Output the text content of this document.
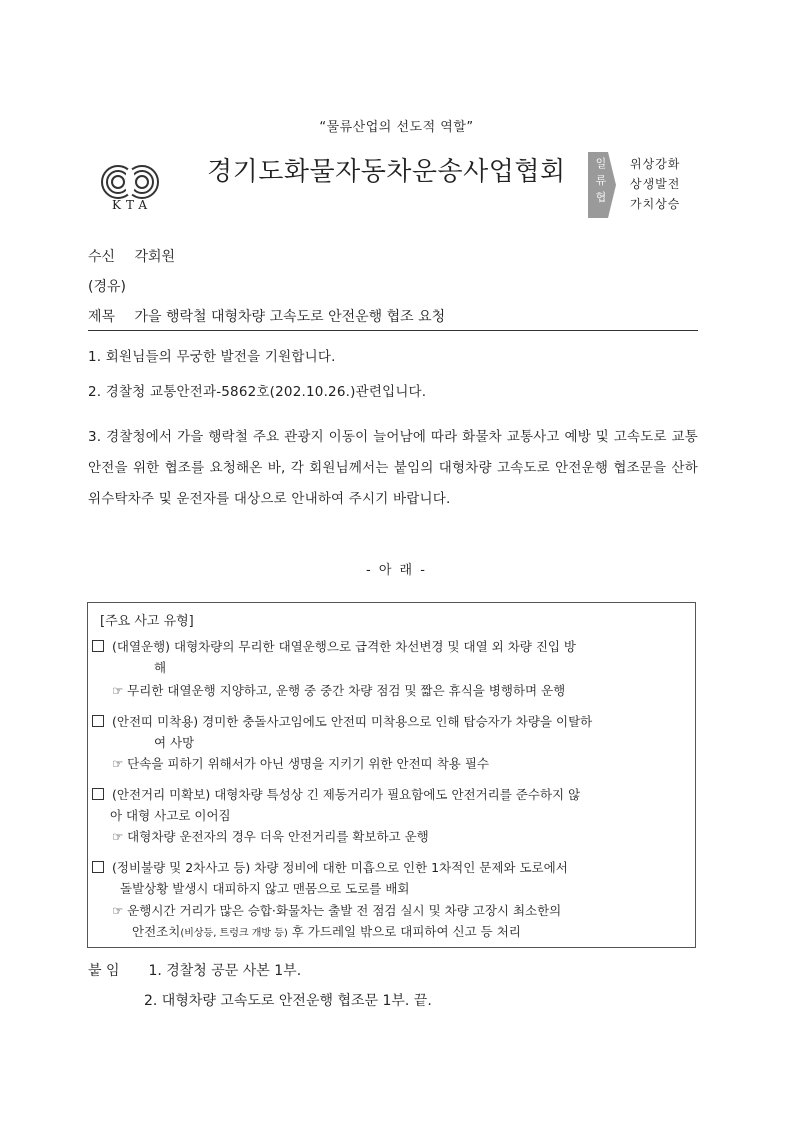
“물류산업의 선도적 역할”
KTA
경기도화물자동차운송사업협회	일
류
협
위상강화
상생발전
가치상승
수신 각회원
(경유)
제목 가을 행락철 대형차량 고속도로 안전운행 협조 요청
1. 회원님들의 무궁한 발전을 기원합니다.
2. 경찰청 교통안전과-5862호(202.10.26.)관련입니다.
3. 경찰청에서 가을 행락철 주요 관광지 이동이 늘어남에 따라 화물차 교통사고 예방 및 고속도로 교통안전을 위한 협조를 요청해온 바, 각 회원님께서는 붙임의 대형차량 고속도로 안전운행 협조문을 산하 위수탁차주 및 운전자를 대상으로 안내하여 주시기 바랍니다.
- 아 래 -
[주요 사고 유형]
(대열운행) 대형차량의 무리한 대열운행으로 급격한 차선변경 및 대열 외 차량 진입 방
해
☞ 무리한 대열운행 지양하고, 운행 중 중간 차량 점검 및 짧은 휴식을 병행하며 운행
(안전띠 미착용) 경미한 충돌사고임에도 안전띠 미착용으로 인해 탑승자가 차량을 이탈하
여 사망
☞ 단속을 피하기 위해서가 아닌 생명을 지키기 위한 안전띠 착용 필수
(안전거리 미확보) 대형차량 특성상 긴 제동거리가 필요함에도 안전거리를 준수하지 않
아 대형 사고로 이어짐
☞ 대형차량 운전자의 경우 더욱 안전거리를 확보하고 운행
(정비불량 및 2차사고 등) 차량 정비에 대한 미흡으로 인한 1차적인 문제와 도로에서
돌발상황 발생시 대피하지 않고 맨몸으로 도로를 배회
☞ 운행시간 거리가 많은 승합·화물차는 출발 전 점검 실시 및 차량 고장시 최소한의
안전조치(비상등, 트렁크 개방 등) 후 가드레일 밖으로 대피하여 신고 등 처리
붙 임 1. 경찰청 공문 사본 1부.
2. 대형차량 고속도로 안전운행 협조문 1부. 끝.
